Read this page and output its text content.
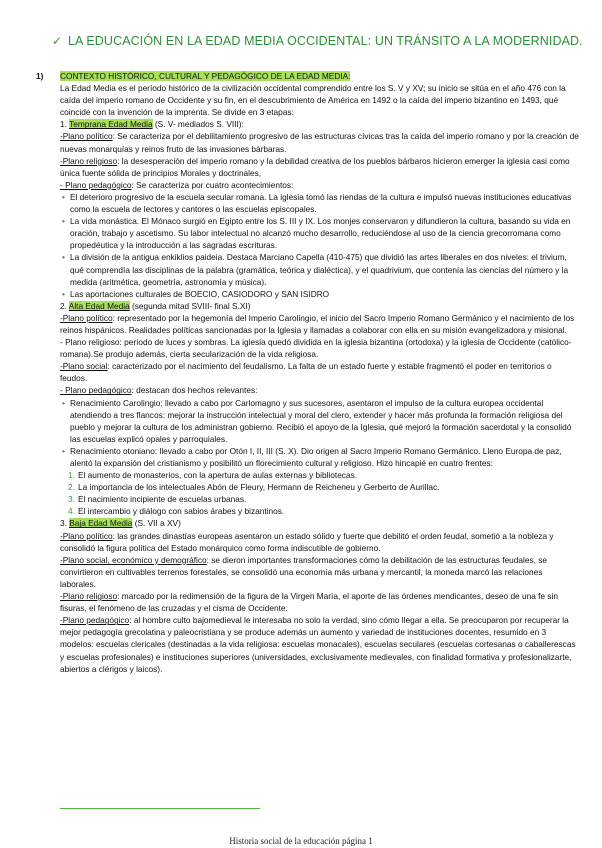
✓ LA EDUCACIÓN EN LA EDAD MEDIA OCCIDENTAL: UN TRÁNSITO A LA MODERNIDAD.
1) CONTEXTO HISTÓRICO, CULTURAL Y PEDAGÓGICO DE LA EDAD MEDIA:

La Edad Media es el período histórico de la civilización occidental comprendido entre los S. V y XV; su inicio se sitúa en el año 476 con la caída del imperio romano de Occidente y su fin, en el descubrimiento de América en 1492 o la caída del imperio bizantino en 1493, qué coincide con la invención de la imprenta. Se divide en 3 etapas:

1. Temprana Edad Media (S. V- mediados S. VIII):

-Plano político: Se caracteriza por el debilitamiento progresivo de las estructuras cívicas tras la caída del imperio romano y por la creación de nuevas monarquías y reinos fruto de las invasiones bárbaras.

-Plano religioso: la desesperación del imperio romano y la debilidad creativa de los pueblos bárbaros hicieron emerger la iglesia casi como única fuente sólida de principios Morales y doctrinales,

- Plano pedagógico: Se caracteriza por cuatro acontecimientos:

• El deterioro progresivo de la escuela secular romana. La iglesia tomó las riendas de la cultura e impulsó nuevas instituciones educativas como la escuela de lectores y cantores o las escuelas episcopales.

• La vida monástica. El Mónaco surgió en Egipto entre los S. III y IX. Los monjes conservaron y difundieron la cultura, basando su vida en oración, trabajo y ascetismo. Su labor intelectual no alcanzó mucho desarrollo, reduciéndose al uso de la ciencia grecorromana como propedéutica y la introducción a las sagradas escrituras.

• La división de la antigua enkiklios paideia. Destaca Marciano Capella (410-475) que dividió las artes liberales en dos niveles: el trivium, qué comprendía las disciplinas de la palabra (gramática, teórica y dialéctica), y el quadrivium, que contenía las ciencias del número y la medida (aritmética, geometría, astronomía y música).

• Las aportaciones culturales de BOECIO, CASIODORO y SAN ISIDRO

2. Alta Edad Media (segunda mitad SVIII- final S.XI)

-Plano político: representado por la hegemonía del Imperio Carolingio, el inicio del Sacro Imperio Romano Germánico y el nacimiento de los reinos hispánicos. Realidades políticas sancionadas por la Iglesia y llamadas a colaborar con ella en su misión evangelizadora y misional.

- Plano religioso: período de luces y sombras. La iglesia quedó dividida en la iglesia bizantina (ortodoxa) y la iglesia de Occidente (católico-romana).Se produjo además, cierta secularización de la vida religiosa.

-Plano social: caracterizado por el nacimiento del feudalismo. La falta de un estado fuerte y estable fragmentó el poder en territorios o feudos.

- Plano pedagógico: destacan dos hechos relevantes:

• Renacimiento Carolingio: llevado a cabo por Carlomagno y sus sucesores, asentaron el impulso de la cultura europea occidental atendiendo a tres flancos: mejorar la instrucción intelectual y moral del clero, extender y hacer más profunda la formación religiosa del pueblo y mejorar la cultura de los administran gobierno. Recibió el apoyo de la Iglesia, qué mejoró la formación sacerdotal y la consolidó las escuelas explicó opales y parroquiales.

• Renacimiento otoniano: llevado a cabo por Otón I, II, III (S. X). Dio origen al Sacro Imperio Romano Germánico. Lleno Europa de paz, alentó la expansión del cristianismo y posibilitó un florecimiento cultural y religioso. Hizo hincapié en cuatro frentes:

1. El aumento de monasterios, con la apertura de aulas externas y bibliotecas.

2. La importancia de los intelectuales Abón de Fleury, Hermann de Reicheneu y Gerberto de Aurillac.

3. El nacimiento incipiente de escuelas urbanas.

4. El intercambio y diálogo con sabios árabes y bizantinos.

3. Baja Edad Media (S. VII a XV)

-Plano político: las grandes dinastías europeas asentaron un estado sólido y fuerte que debilitó el orden feudal, sometió a la nobleza y consolidó la figura política del Estado monárquico como forma indiscutible de gobierno.

-Plano social, económico y demográfico: se dieron importantes transformaciones cómo la debilitación de las estructuras feudales, se convirtieron en cultivables terrenos forestales, se consolidó una economía más urbana y mercantil, la moneda marcó las relaciones laborales.

-Plano religioso: marcado por la redimensión de la figura de la Virgen María, el aporte de las órdenes mendicantes, deseo de una fe sin fisuras, el fenómeno de las cruzadas y el cisma de Occidente.

-Plano pedagógico: al hombre culto bajomedieval le interesaba no solo la verdad, sino cómo llegar a ella. Se preocuparon por recuperar la mejor pedagogía grecolatina y paleocristiana y se produce además un aumento y variedad de instituciones docentes, resumido en 3 modelos: escuelas clericales (destinadas a la vida religiosa: escuelas monacales), escuelas seculares (escuelas cortesanas o caballerescas y escuelas profesionales) e instituciones superiores (universidades, exclusivamente medievales, con finalidad formativa y profesionalizarte, abiertos a clérigos y laicos).

Historia social de la educación página 1
